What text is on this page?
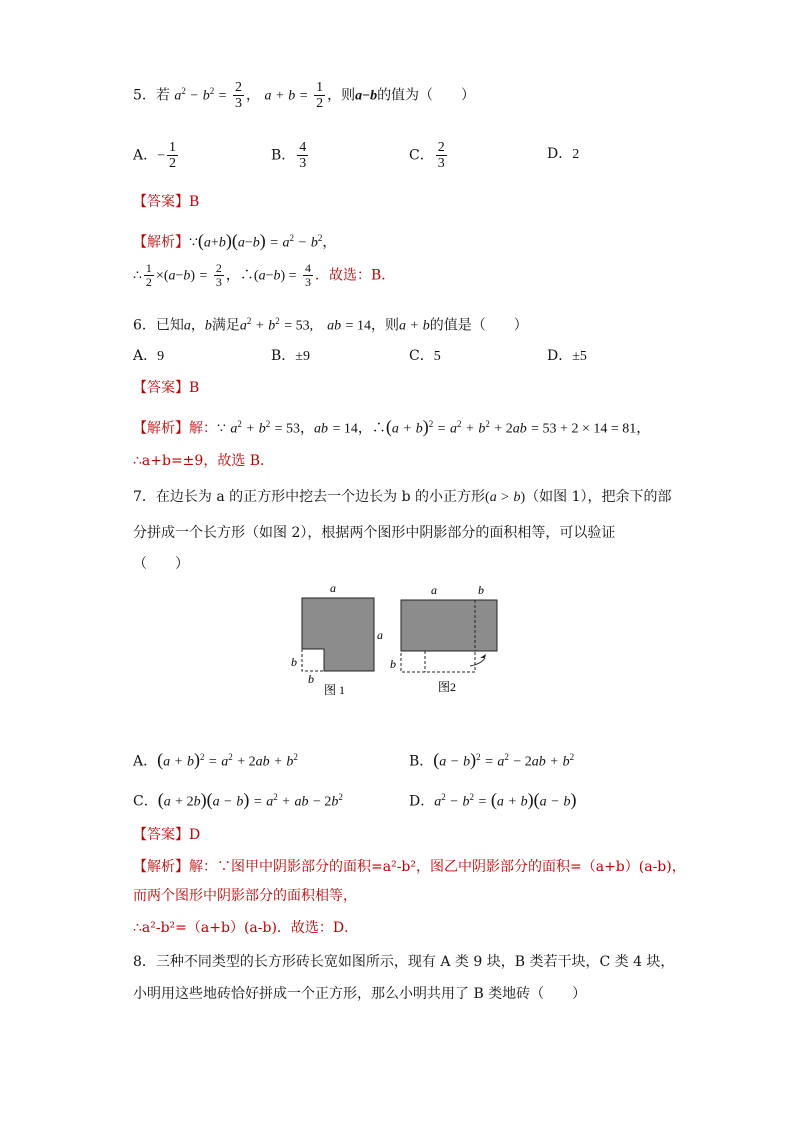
5．若 $a^2 - b^2 = \frac{2}{3}$ ， $a + b = \frac{1}{2}$ ，则a−b的值为（　　）
A．− $\frac{1}{2}$	B． $\frac{4}{3}$	C． $\frac{2}{3}$	D．2
【答案】B
【解析】∵(a+b)(a−b) = $a^2 - b^2$，
∴ $\frac{1}{2} \times(a-b) = \frac{2}{3}$ ，∴(a−b) = $\frac{4}{3}$ ．故选：B．
6．已知a，b满足$a^2 + b^2 = 53$,　ab = 14，则a + b的值是（　　）
A．9	B．±9	C．5	D．±5
【答案】B
【解析】解：∵ $a^2 + b^2 = 53$，ab = 14，∴(a + $b)^2 = a^2 + b^2 + 2ab = 53 + 2 \times 14 = 81$，
∴a+b=±9，故选 B．
7．在边长为 a 的正方形中挖去一个边长为 b 的小正方形(a > b)（如图 1），把余下的部
分拼成一个长方形（如图 2），根据两个图形中阴影部分的面积相等，可以验证
（　　）
a
a
b
b
图 1
a	b
b
图2
A．$(a + b)^2 = a^2 + 2ab + b^2$	B．$(a - b)^2 = a^2 - 2ab + b^2$
C．$(a + 2b)(a - b) = a^2$ + ab − $2b^2$	D．$a^2 - b^2 = (a + b)(a - b)$
【答案】D
【解析】解：∵图甲中阴影部分的面积=a²-b²，图乙中阴影部分的面积=（a+b）(a-b)，
而两个图形中阴影部分的面积相等，
∴a²-b²=（a+b）(a-b)．故选：D．
8．三种不同类型的长方形砖长宽如图所示，现有 A 类 9 块，B 类若干块，C 类 4 块，
小明用这些地砖恰好拼成一个正方形，那么小明共用了 B 类地砖（　　）
